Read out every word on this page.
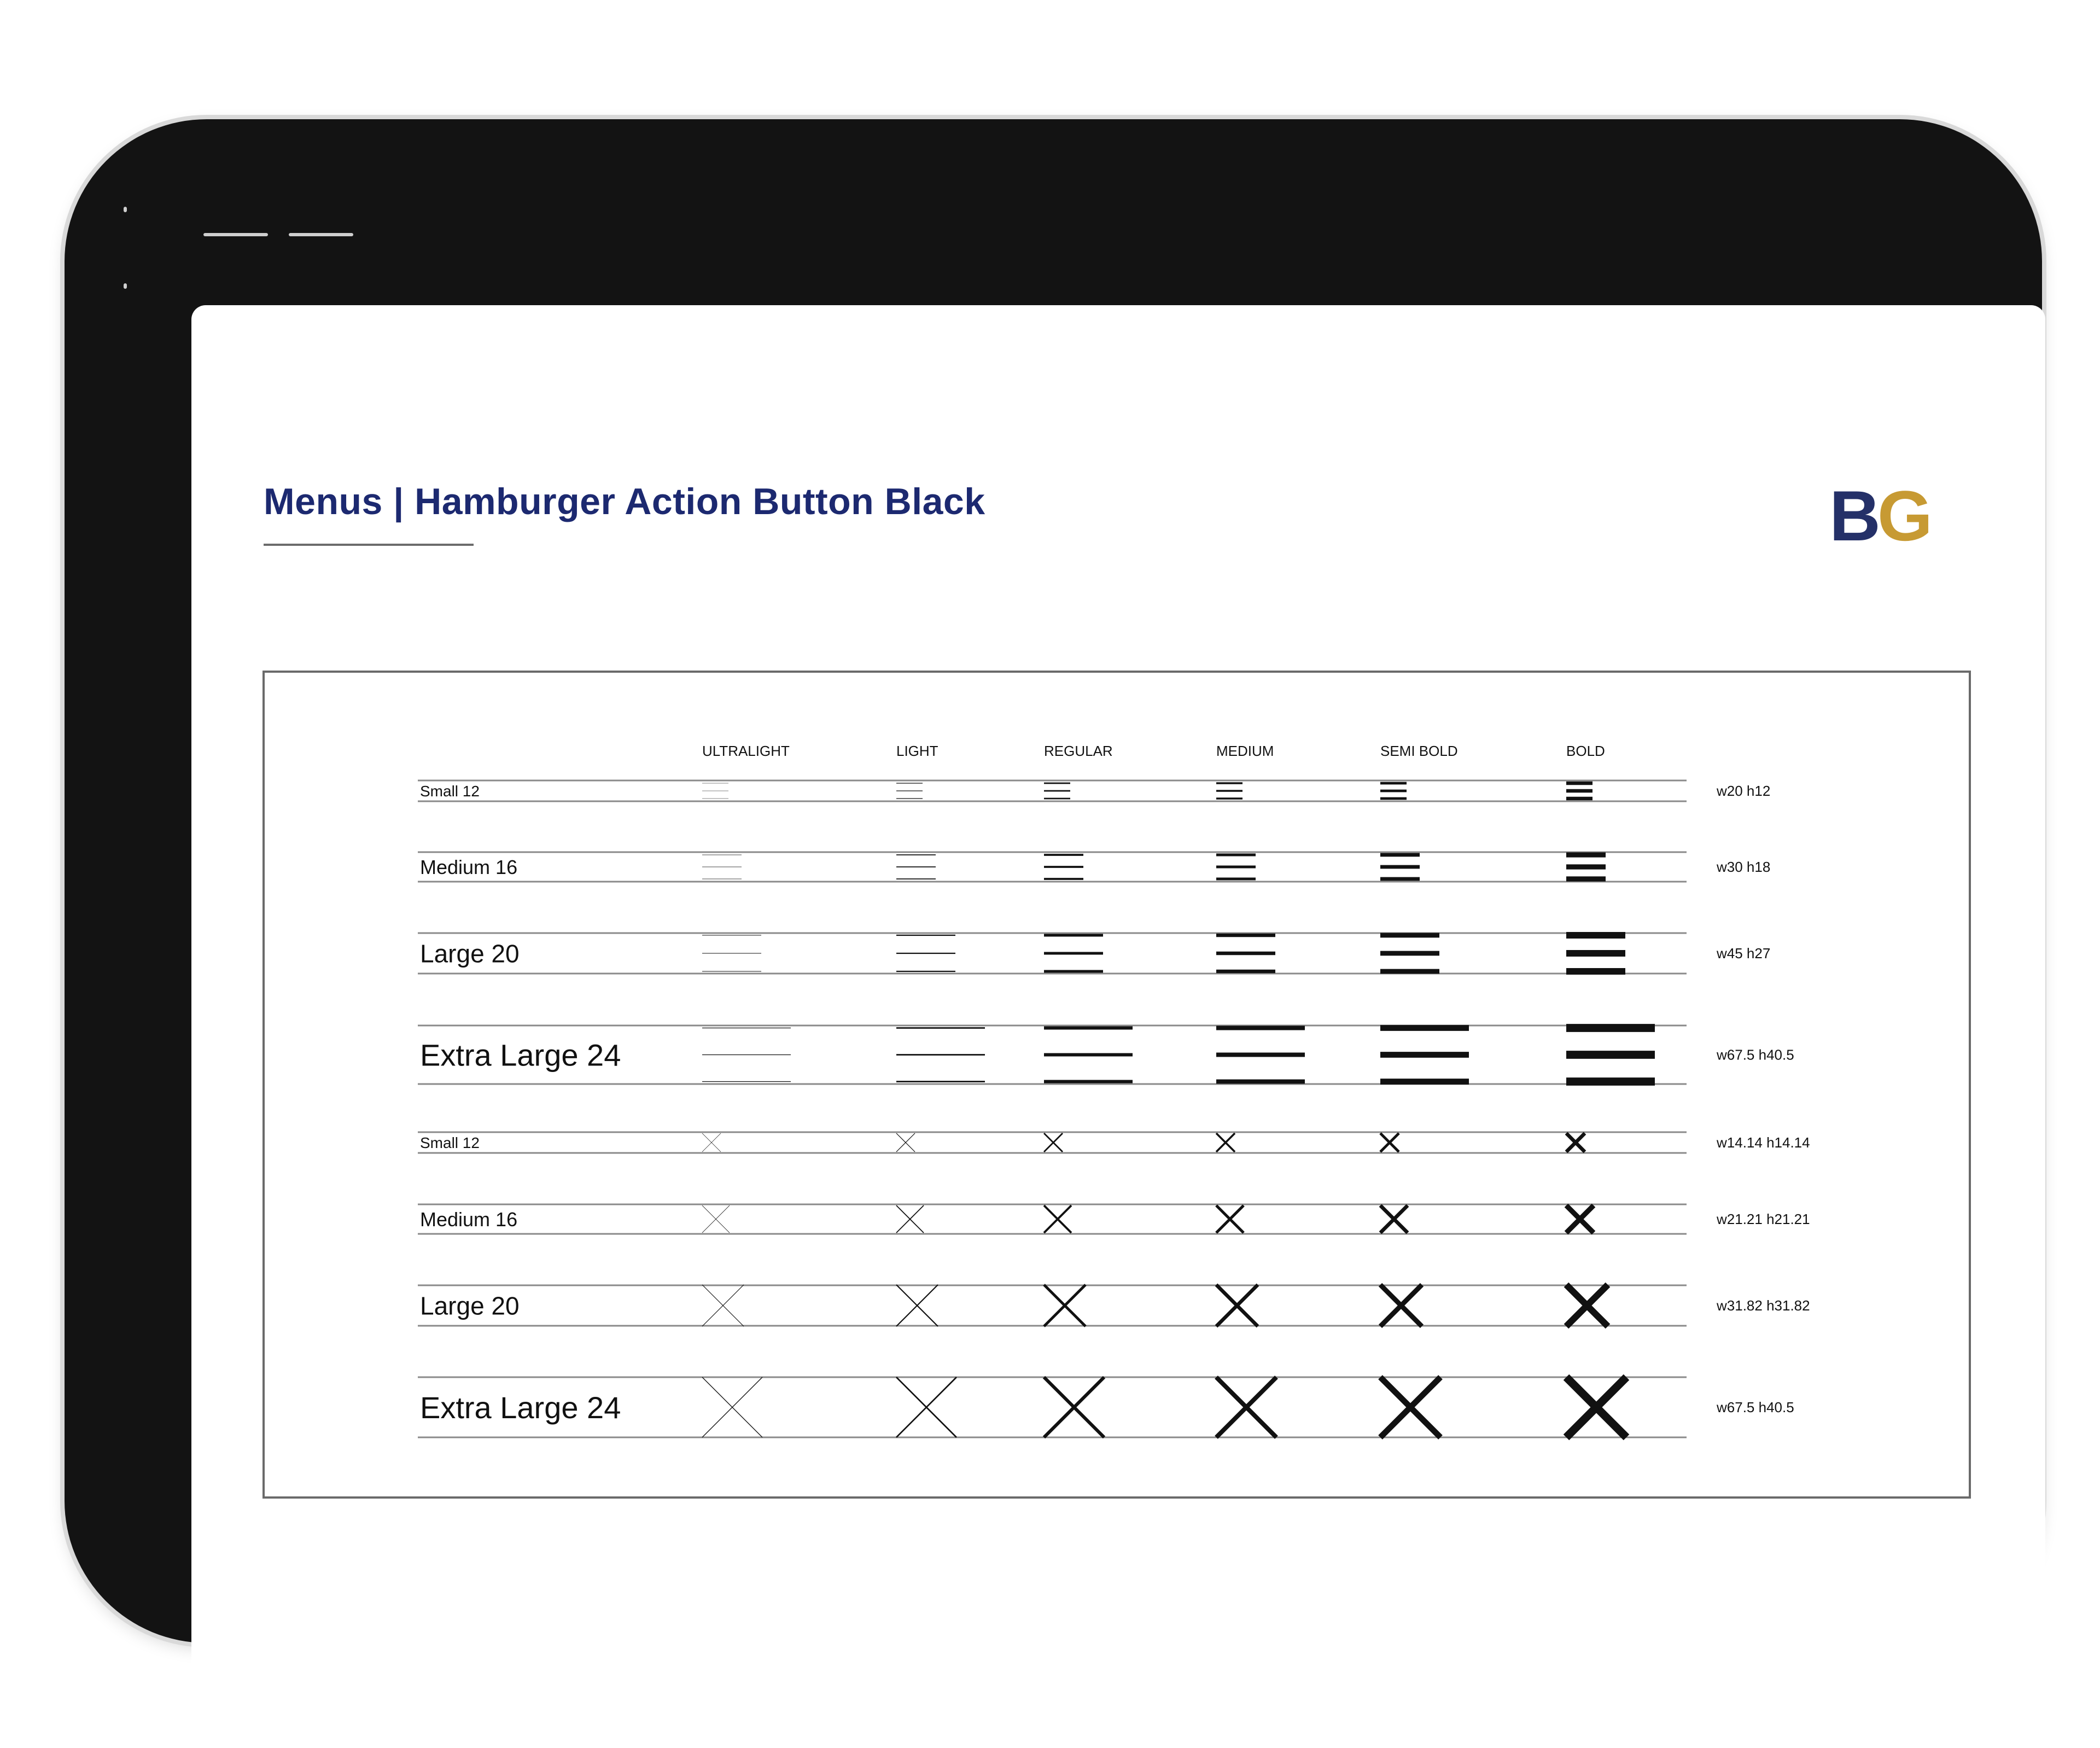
Menus | Hamburger Action Button Black	BG
ULTRALIGHT	LIGHT	REGULAR	MEDIUM	SEMI BOLD	BOLD
Small 12	w20 h12
Medium 16	w30 h18
Large 20	w45 h27
Extra Large 24	w67.5 h40.5
Small 12	w14.14 h14.14
Medium 16	w21.21 h21.21
Large 20	w31.82 h31.82
Extra Large 24	w67.5 h40.5
